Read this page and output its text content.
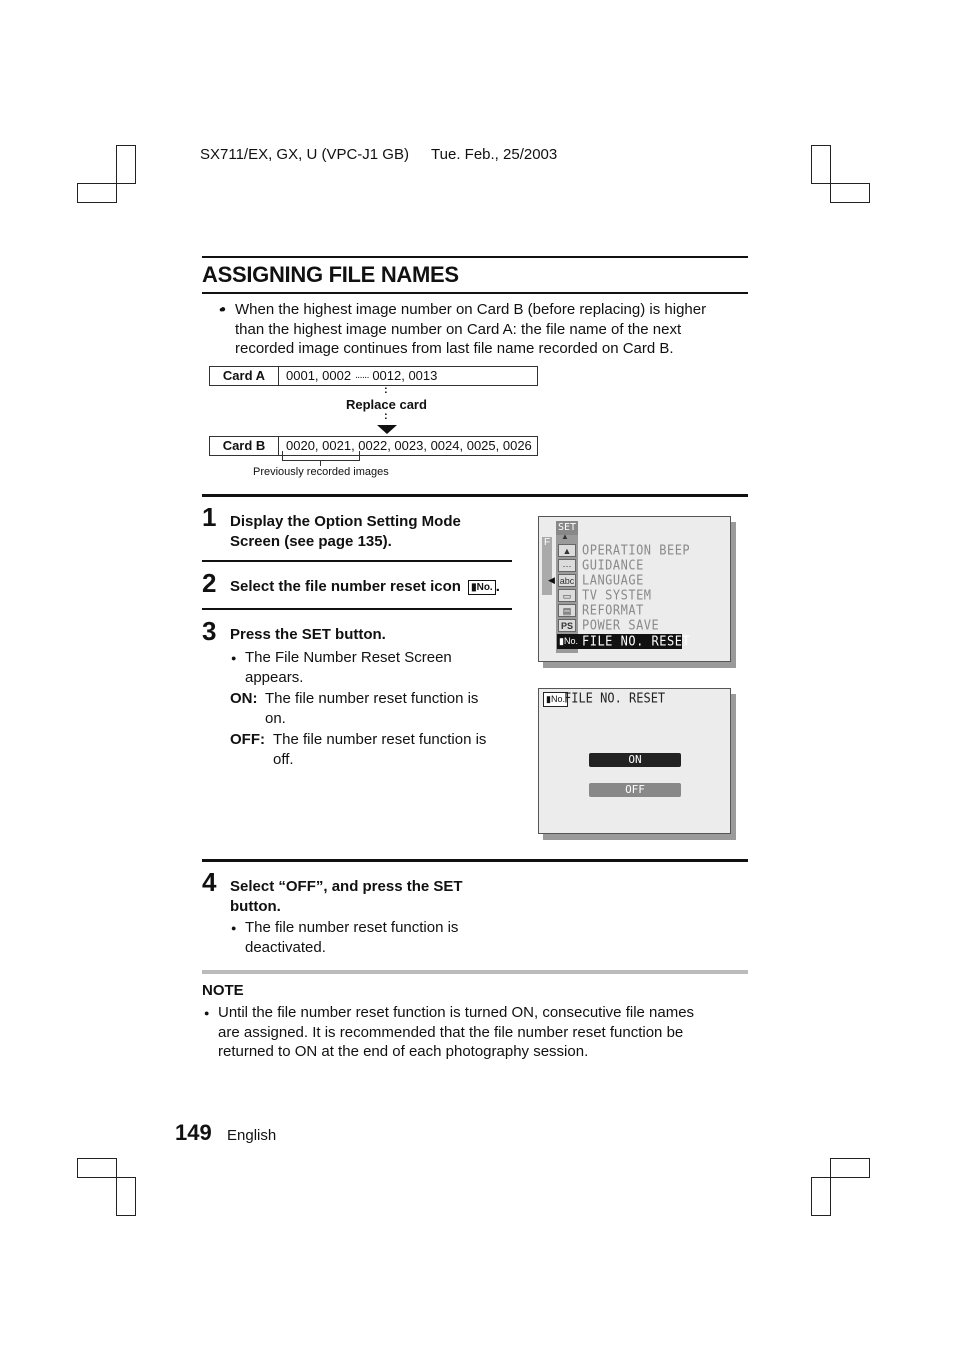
SX711/EX, GX, U (VPC-J1 GB) Tue. Feb., 25/2003
ASSIGNING FILE NAMES
When the highest image number on Card B (before replacing) is higher
than the highest image number on Card A: the file name of the next
recorded image continues from last file name recorded on Card B.
●
Card A	0001, 0002 ······ 0012, 0013
:
Replace card
:
Card B	0020, 0021, 0022, 0023, 0024, 0025, 0026
Previously recorded images
1 Display the Option Setting Mode
Screen (see page 135).
2 Select the file number reset icon ▮No. .
3 Press the SET button.
The File Number Reset Screen
appears.
●
ON: The file number reset function is
on.
OFF: The file number reset function is
off.
SET
F
◀
▲
▲
⋯
abc
▭
▤
PS
▮No.
OPERATION BEEP
GUIDANCE
LANGUAGE
TV SYSTEM
REFORMAT
POWER SAVE
FILE NO. RESET
▮No. FILE NO. RESET
ON
OFF
4 Select “OFF”, and press the SET
button.
The file number reset function is
deactivated.
●
NOTE
● Until the file number reset function is turned ON, consecutive file names
are assigned. It is recommended that the file number reset function be
returned to ON at the end of each photography session.
149 English
